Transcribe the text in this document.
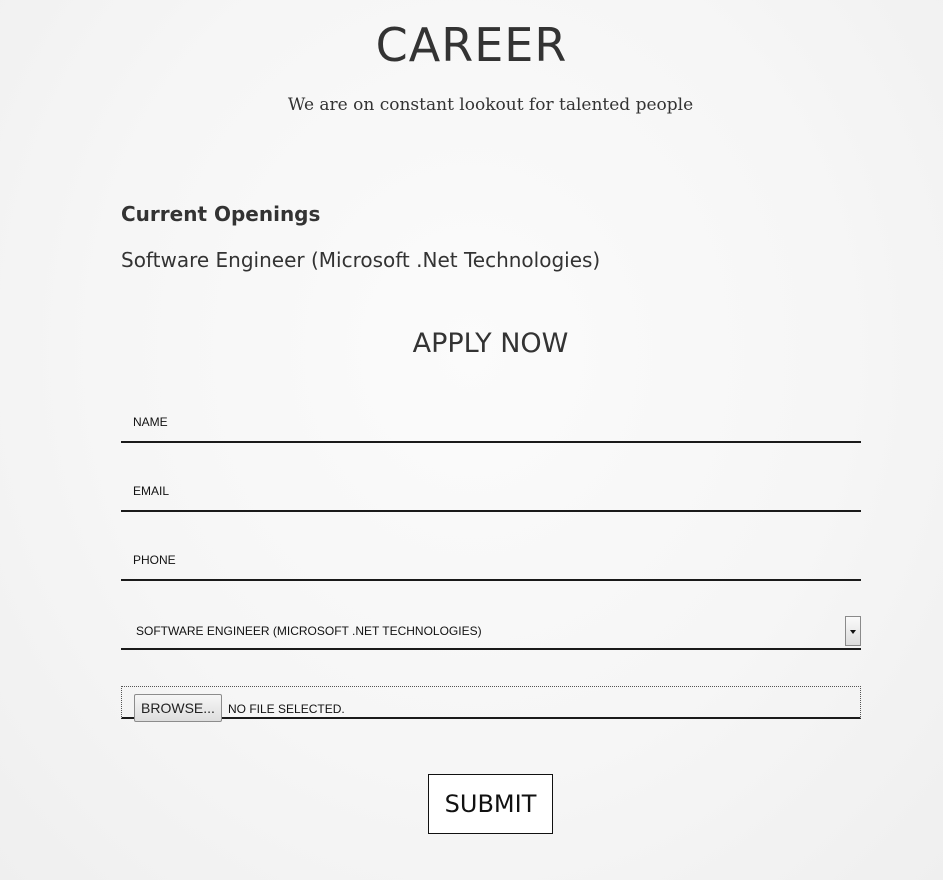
CAREER

We are on constant lookout for talented people

Current Openings

Software Engineer (Microsoft .Net Technologies)

APPLY NOW
NAME
EMAIL
PHONE
SOFTWARE ENGINEER (MICROSOFT .NET TECHNOLOGIES)
BROWSE...	NO FILE SELECTED.
SUBMIT
